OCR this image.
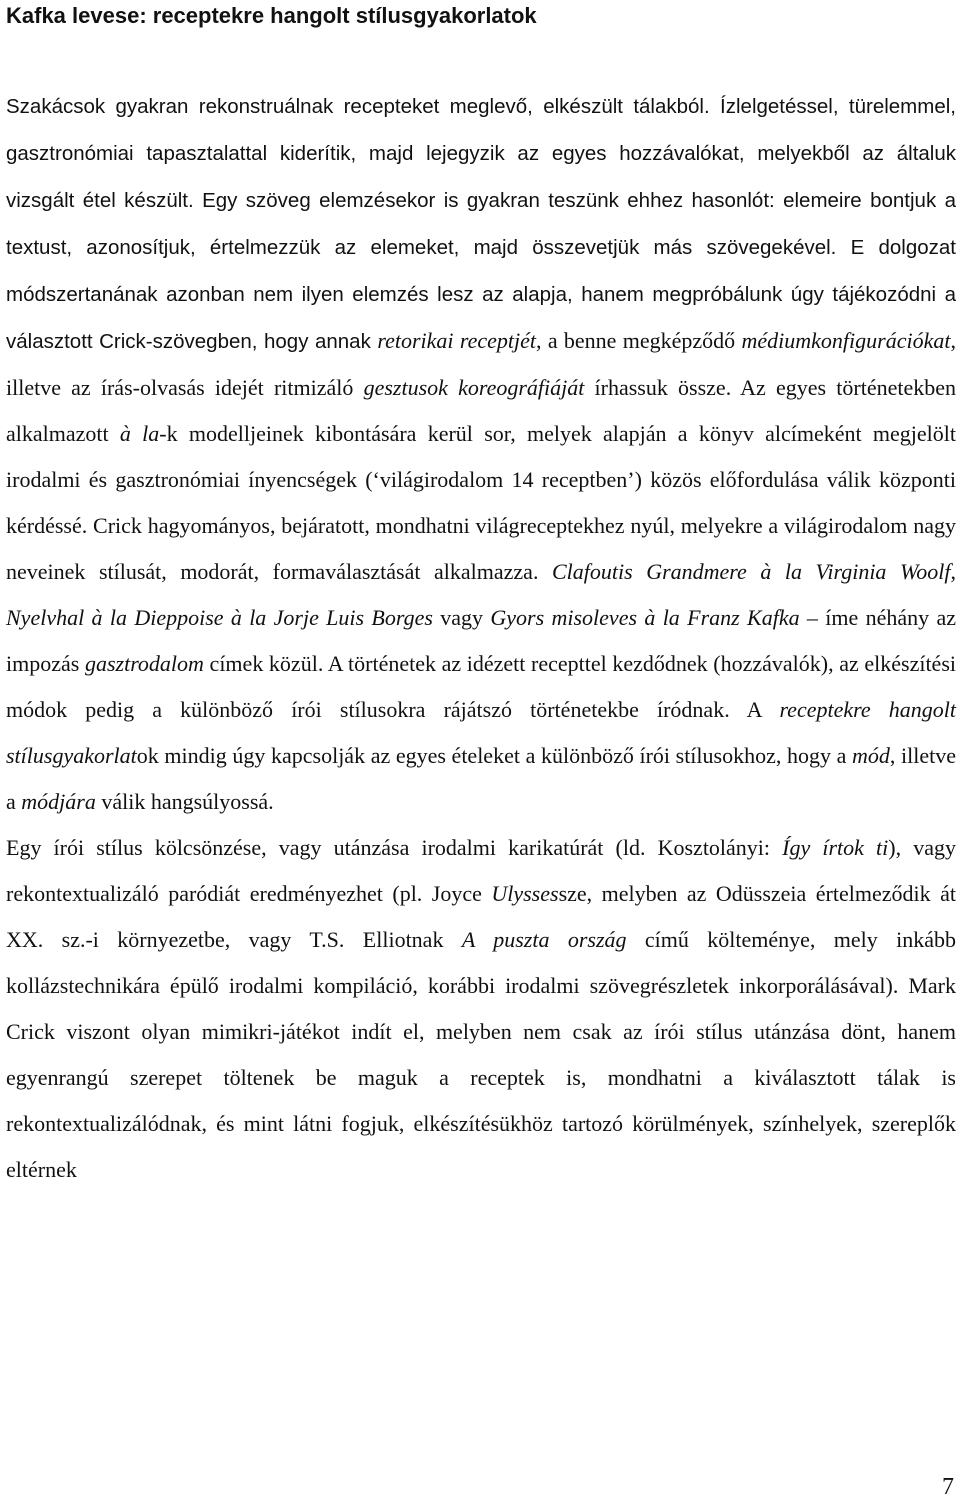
Kafka levese: receptekre hangolt stílusgyakorlatok

Szakácsok gyakran rekonstruálnak recepteket meglevő, elkészült tálakból. Ízlelgetéssel, türelemmel, gasztronómiai tapasztalattal kiderítik, majd lejegyzik az egyes hozzávalókat, melyekből az általuk vizsgált étel készült. Egy szöveg elemzésekor is gyakran teszünk ehhez hasonlót: elemeire bontjuk a textust, azonosítjuk, értelmezzük az elemeket, majd összevetjük más szövegekével. E dolgozat módszertanának azonban nem ilyen elemzés lesz az alapja, hanem megpróbálunk úgy tájékozódni a választott Crick-szövegben, hogy annak retorikai receptjét, a benne megképződő médiumkonfigurációkat, illetve az írás-olvasás idejét ritmizáló gesztusok koreográfiáját írhassuk össze. Az egyes történetekben alkalmazott à la-k modelljeinek kibontására kerül sor, melyek alapján a könyv alcímeként megjelölt irodalmi és gasztronómiai ínyencségek (‘világirodalom 14 receptben’) közös előfordulása válik központi kérdéssé. Crick hagyományos, bejáratott, mondhatni világreceptekhez nyúl, melyekre a világirodalom nagy neveinek stílusát, modorát, formaválasztását alkalmazza. Clafoutis Grandmere à la Virginia Woolf, Nyelvhal à la Dieppoise à la Jorje Luis Borges vagy Gyors misoleves à la Franz Kafka – íme néhány az impozás gasztrodalom címek közül. A történetek az idézett recepttel kezdődnek (hozzávalók), az elkészítési módok pedig a különböző írói stílusokra rájátszó történetekbe íródnak. A receptekre hangolt stílusgyakorlatok mindig úgy kapcsolják az egyes ételeket a különböző írói stílusokhoz, hogy a mód, illetve a módjára válik hangsúlyossá.

Egy írói stílus kölcsönzése, vagy utánzása irodalmi karikatúrát (ld. Kosztolányi: Így írtok ti), vagy rekontextualizáló paródiát eredményezhet (pl. Joyce Ulyssessze, melyben az Odüsszeia értelmeződik át XX. sz.-i környezetbe, vagy T.S. Elliotnak A puszta ország című költeménye, mely inkább kollázstechnikára épülő irodalmi kompiláció, korábbi irodalmi szövegrészletek inkorporálásával). Mark Crick viszont olyan mimikri-játékot indít el, melyben nem csak az írói stílus utánzása dönt, hanem egyenrangú szerepet töltenek be maguk a receptek is, mondhatni a kiválasztott tálak is rekontextualizálódnak, és mint látni fogjuk, elkészítésükhöz tartozó körülmények, színhelyek, szereplők eltérnek

7
